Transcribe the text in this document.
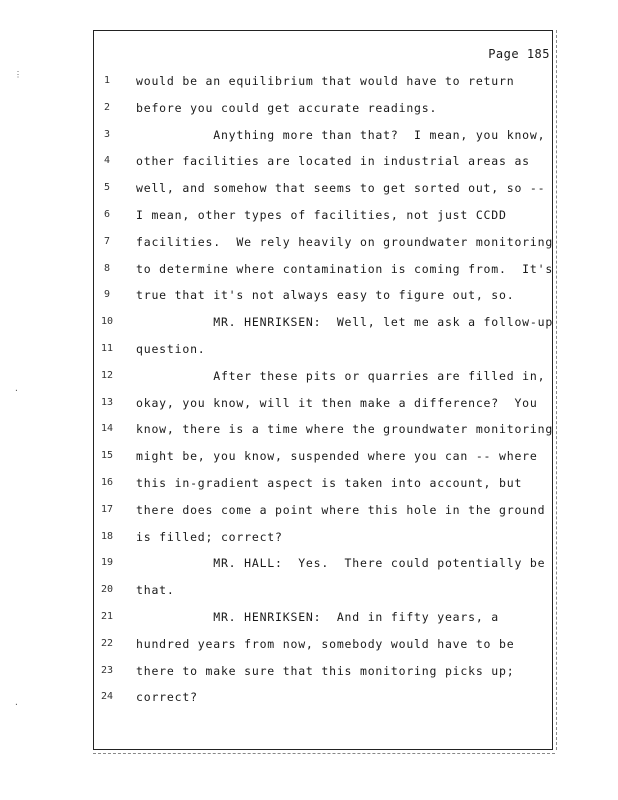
⋮
·
·
Page 185
1	would be an equilibrium that would have to return
2	before you could get accurate readings.
3	Anything more than that?  I mean, you know,
4	other facilities are located in industrial areas as
5	well, and somehow that seems to get sorted out, so --
6	I mean, other types of facilities, not just CCDD
7	facilities.  We rely heavily on groundwater monitoring
8	to determine where contamination is coming from.  It's
9	true that it's not always easy to figure out, so.
10	MR. HENRIKSEN:  Well, let me ask a follow-up
11	question.
12	After these pits or quarries are filled in,
13	okay, you know, will it then make a difference?  You
14	know, there is a time where the groundwater monitoring
15	might be, you know, suspended where you can -- where
16	this in-gradient aspect is taken into account, but
17	there does come a point where this hole in the ground
18	is filled; correct?
19	MR. HALL:  Yes.  There could potentially be
20	that.
21	MR. HENRIKSEN:  And in fifty years, a
22	hundred years from now, somebody would have to be
23	there to make sure that this monitoring picks up;
24	correct?
